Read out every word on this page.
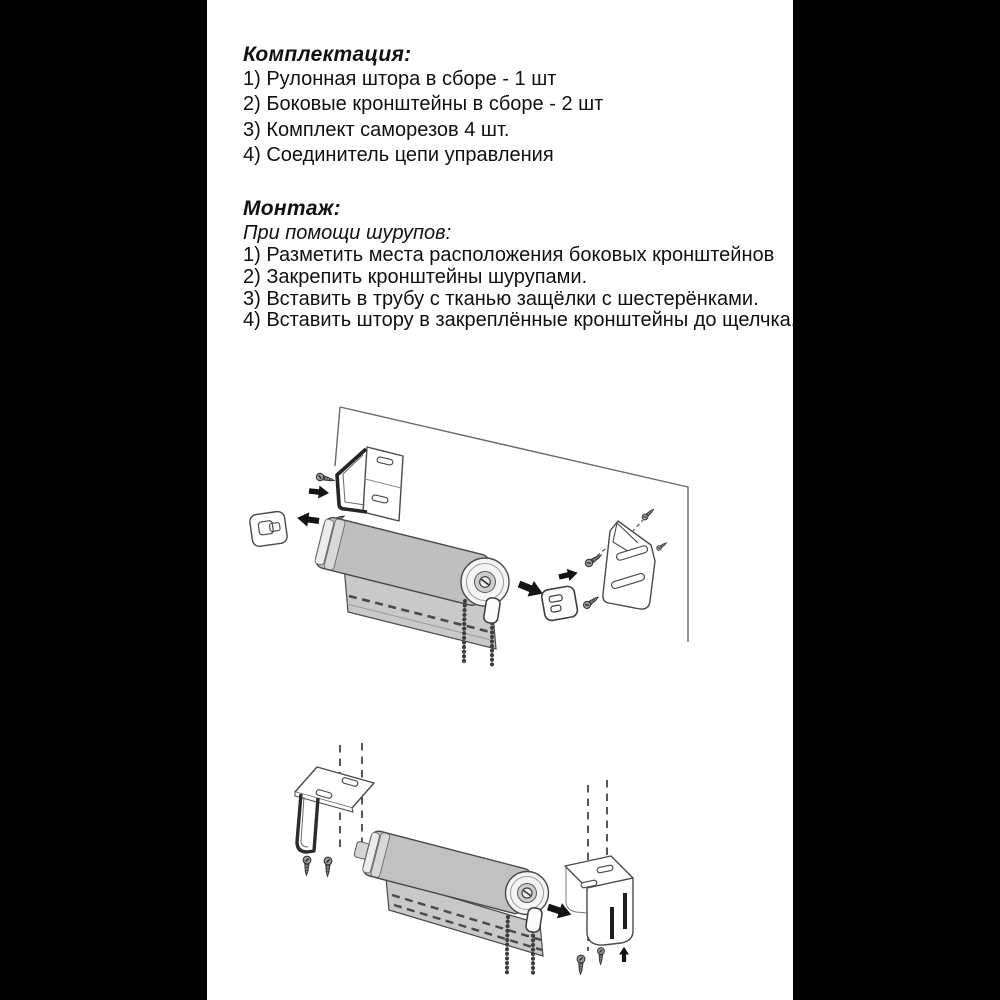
Комплектация:
1) Рулонная штора в сборе - 1 шт
2) Боковые кронштейны в сборе - 2 шт
3) Комплект саморезов 4 шт.
4) Соединитель цепи управления
Монтаж:
При помощи шурупов:
1) Разметить места расположения боковых кронштейнов
2) Закрепить кронштейны шурупами.
3) Вставить в трубу с тканью защёлки с шестерёнками.
4) Вставить штору в закреплённые кронштейны до щелчка.
